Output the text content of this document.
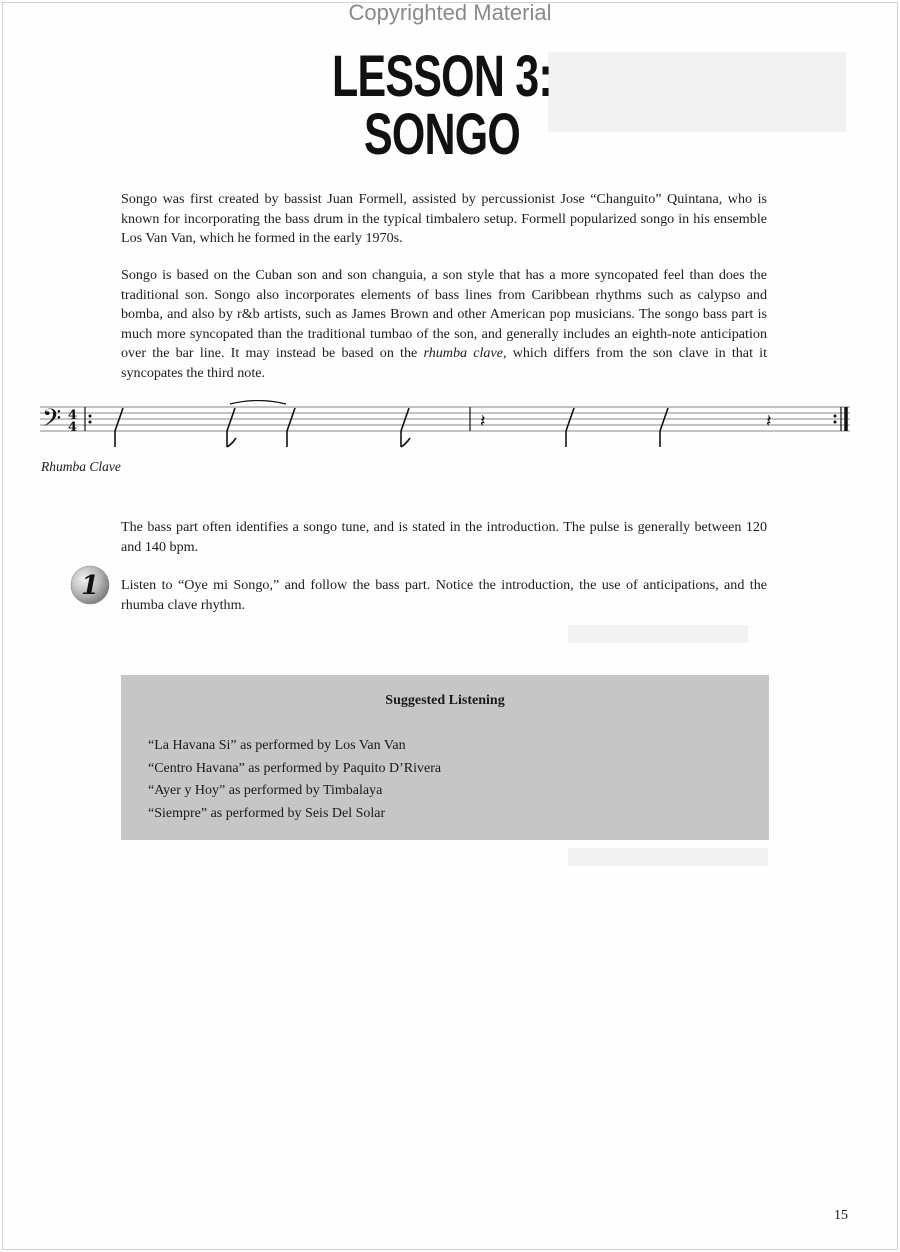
Copyrighted Material
LESSON 3:
SONGO

Songo was first created by bassist Juan Formell, assisted by percussionist Jose “Changuito” Quintana, who is known for incorporating the bass drum in the typical timbalero setup. Formell popularized songo in his ensemble Los Van Van, which he formed in the early 1970s.

Songo is based on the Cuban son and son changuia, a son style that has a more syncopated feel than does the traditional son. Songo also incorporates elements of bass lines from Caribbean rhythms such as calypso and bomba, and also by r&b artists, such as James Brown and other American pop musicians. The songo bass part is much more syncopated than the traditional tumbao of the son, and generally includes an eighth-note anticipation over the bar line. It may instead be based on the rhumba clave, which differs from the son clave in that it syncopates the third note.

𝄢 4
4	𝄽	𝄽
Rhumba Clave

The bass part often identifies a songo tune, and is stated in the introduction. The pulse is generally between 120 and 140 bpm.

1 Listen to “Oye mi Songo,” and follow the bass part. Notice the introduction, the use of anticipations, and the rhumba clave rhythm.

Suggested Listening
“La Havana Si” as performed by Los Van Van
“Centro Havana” as performed by Paquito D’Rivera
“Ayer y Hoy” as performed by Timbalaya
“Siempre” as performed by Seis Del Solar
15
